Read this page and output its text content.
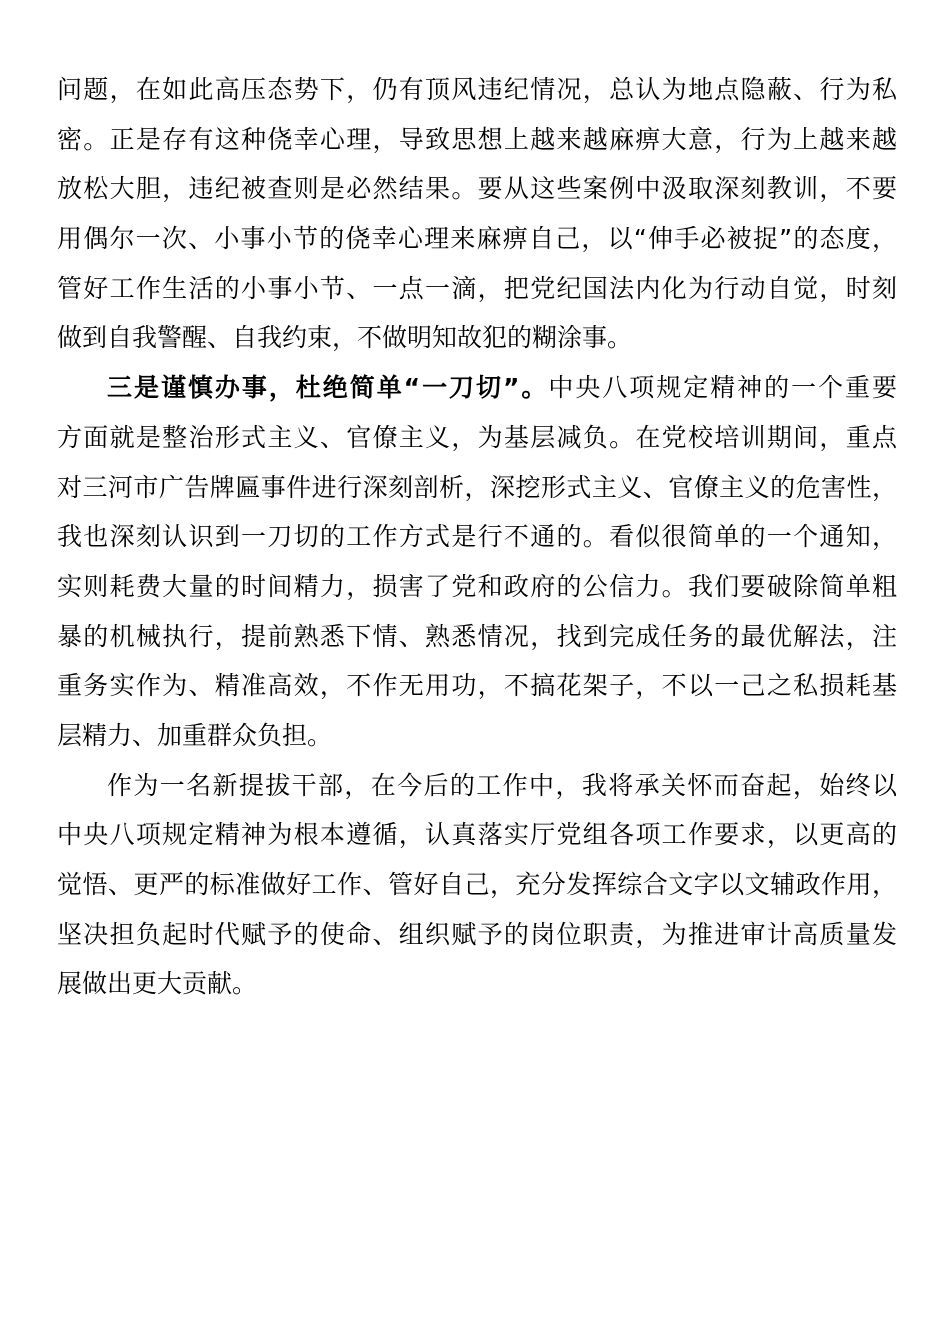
问题，在如此高压态势下，仍有顶风违纪情况，总认为地点隐蔽、行为私
密。正是存有这种侥幸心理，导致思想上越来越麻痹大意，行为上越来越
放松大胆，违纪被查则是必然结果。要从这些案例中汲取深刻教训，不要
用偶尔一次、小事小节的侥幸心理来麻痹自己，以“伸手必被捉”的态度，
管好工作生活的小事小节、一点一滴，把党纪国法内化为行动自觉，时刻
做到自我警醒、自我约束，不做明知故犯的糊涂事。
三是谨慎办事，杜绝简单“一刀切”。中央八项规定精神的一个重要
方面就是整治形式主义、官僚主义，为基层减负。在党校培训期间，重点
对三河市广告牌匾事件进行深刻剖析，深挖形式主义、官僚主义的危害性，
我也深刻认识到一刀切的工作方式是行不通的。看似很简单的一个通知，
实则耗费大量的时间精力，损害了党和政府的公信力。我们要破除简单粗
暴的机械执行，提前熟悉下情、熟悉情况，找到完成任务的最优解法，注
重务实作为、精准高效，不作无用功，不搞花架子，不以一己之私损耗基
层精力、加重群众负担。
作为一名新提拔干部，在今后的工作中，我将承关怀而奋起，始终以
中央八项规定精神为根本遵循，认真落实厅党组各项工作要求，以更高的
觉悟、更严的标准做好工作、管好自己，充分发挥综合文字以文辅政作用，
坚决担负起时代赋予的使命、组织赋予的岗位职责，为推进审计高质量发
展做出更大贡献。
